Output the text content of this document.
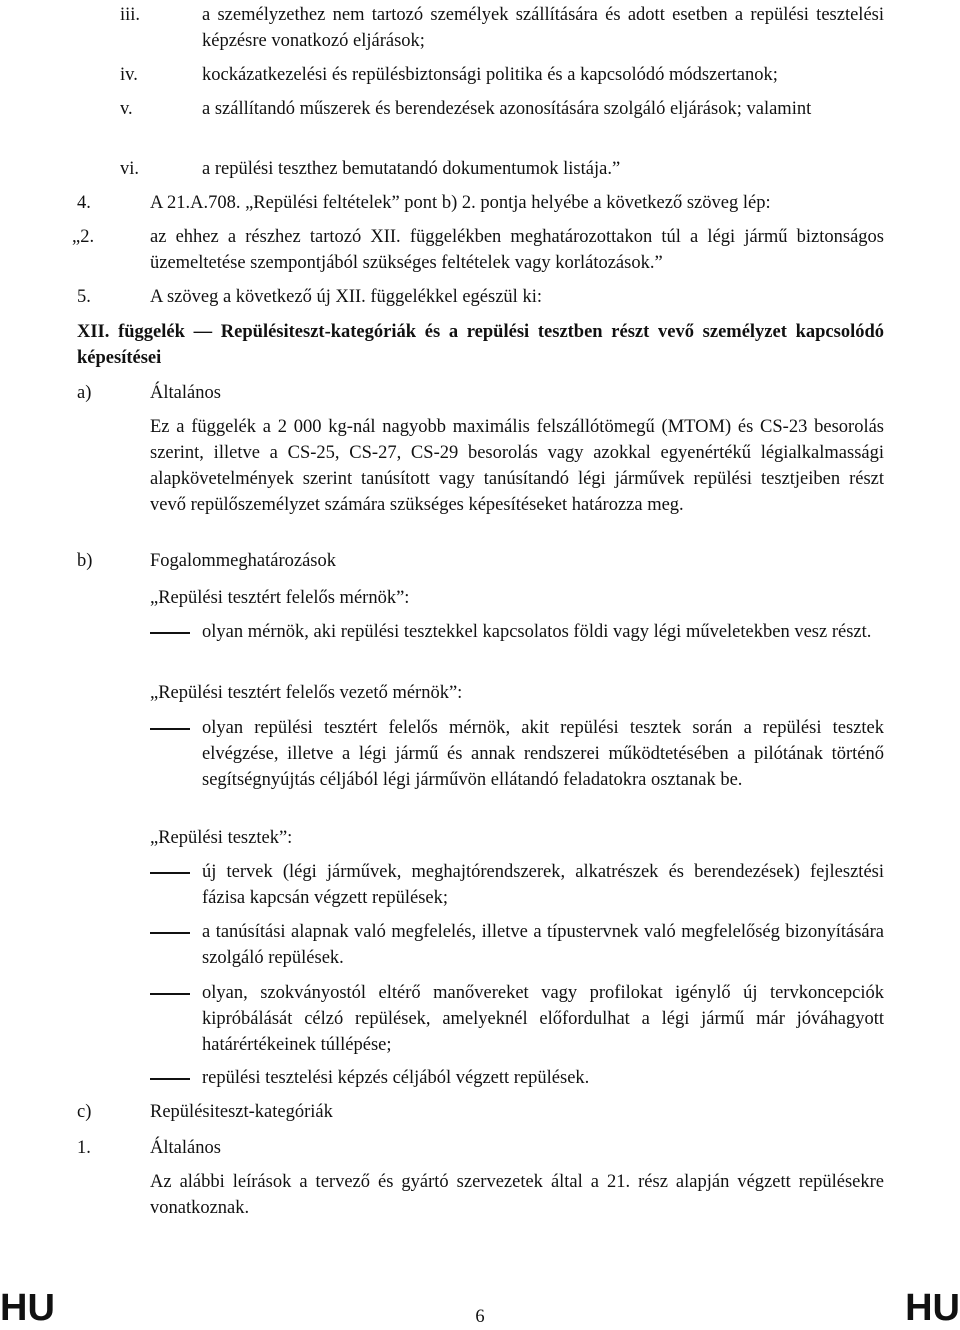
iii.	a személyzethez nem tartozó személyek szállítására és adott esetben a repülési tesztelési képzésre vonatkozó eljárások;
iv.	kockázatkezelési és repülésbiztonsági politika és a kapcsolódó módszertanok;
v.	a szállítandó műszerek és berendezések azonosítására szolgáló eljárások; valamint
vi.	a repülési teszthez bemutatandó dokumentumok listája.”
4.	A 21.A.708. „Repülési feltételek” pont b) 2. pontja helyébe a következő szöveg lép:
„2.	az ehhez a részhez tartozó XII. függelékben meghatározottakon túl a légi jármű biztonságos üzemeltetése szempontjából szükséges feltételek vagy korlátozások.”
5.	A szöveg a következő új XII. függelékkel egészül ki:
XII. függelék — Repülésiteszt-kategóriák és a repülési tesztben részt vevő személyzet kapcsolódó képesítései
a)	Általános
Ez a függelék a 2 000 kg-nál nagyobb maximális felszállótömegű (MTOM) és CS-23 besorolás szerint, illetve a CS-25, CS-27, CS-29 besorolás vagy azokkal egyenértékű légialkalmassági alapkövetelmények szerint tanúsított vagy tanúsítandó légi járművek repülési tesztjeiben részt vevő repülőszemélyzet számára szükséges képesítéseket határozza meg.
b)	Fogalommeghatározások
„Repülési tesztért felelős mérnök”:
olyan mérnök, aki repülési tesztekkel kapcsolatos földi vagy légi műveletekben vesz részt.
„Repülési tesztért felelős vezető mérnök”:
olyan repülési tesztért felelős mérnök, akit repülési tesztek során a repülési tesztek elvégzése, illetve a légi jármű és annak rendszerei működtetésében a pilótának történő segítségnyújtás céljából légi járművön ellátandó feladatokra osztanak be.
„Repülési tesztek”:
új tervek (légi járművek, meghajtórendszerek, alkatrészek és berendezések) fejlesztési fázisa kapcsán végzett repülések;
a tanúsítási alapnak való megfelelés, illetve a típustervnek való megfelelőség bizonyítására szolgáló repülések.
olyan, szokványostól eltérő manővereket vagy profilokat igénylő új tervkoncepciók kipróbálását célzó repülések, amelyeknél előfordulhat a légi jármű már jóváhagyott határértékeinek túllépése;
repülési tesztelési képzés céljából végzett repülések.
c)	Repülésiteszt-kategóriák
1.	Általános
Az alábbi leírások a tervező és gyártó szervezetek által a 21. rész alapján végzett repülésekre vonatkoznak.
HU	6	HU
